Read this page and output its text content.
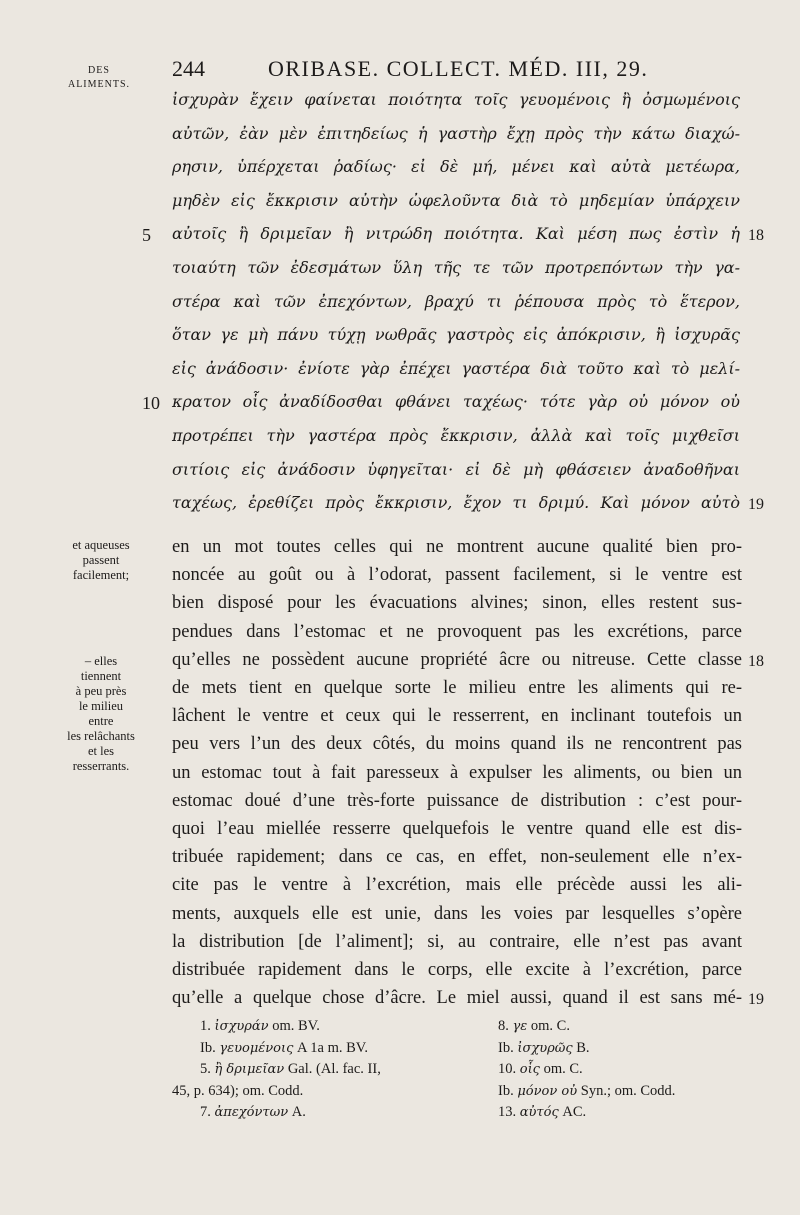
DES
ALIMENTS.
244	ORIBASE. COLLECT. MÉD. III, 29.
ἰσχυρὰν ἔχειν φαίνεται ποιότητα τοῖς γευομένοις ἢ ὀσμωμένοις
αὐτῶν, ἐὰν μὲν ἐπιτηδείως ἡ γαστὴρ ἔχῃ πρὸς τὴν κάτω διαχώ-
ρησιν, ὑπέρχεται ῥαδίως· εἰ δὲ μή, μένει καὶ αὐτὰ μετέωρα,
μηδὲν εἰς ἔκκρισιν αὐτὴν ὠφελοῦντα διὰ τὸ μηδεμίαν ὑπάρχειν
αὐτοῖς ἢ δριμεῖαν ἢ νιτρώδη ποιότητα. Καὶ μέση πως ἐστὶν ἡ
τοιαύτη τῶν ἐδεσμάτων ὕλη τῆς τε τῶν προτρεπόντων τὴν γα-
στέρα καὶ τῶν ἐπεχόντων, βραχύ τι ῥέπουσα πρὸς τὸ ἕτερον,
ὅταν γε μὴ πάνυ τύχῃ νωθρᾶς γαστρὸς εἰς ἀπόκρισιν, ἢ ἰσχυρᾶς
εἰς ἀνάδοσιν· ἐνίοτε γὰρ ἐπέχει γαστέρα διὰ τοῦτο καὶ τὸ μελί-
κρατον οἷς ἀναδίδοσθαι φθάνει ταχέως· τότε γὰρ οὐ μόνον οὐ
προτρέπει τὴν γαστέρα πρὸς ἔκκρισιν, ἀλλὰ καὶ τοῖς μιχθεῖσι
σιτίοις εἰς ἀνάδοσιν ὑφηγεῖται· εἰ δὲ μὴ φθάσειεν ἀναδοθῆναι
ταχέως, ἐρεθίζει πρὸς ἔκκρισιν, ἔχον τι δριμύ. Καὶ μόνον αὐτὸ
5
10
18
19
en un mot toutes celles qui ne montrent aucune qualité bien pro-
noncée au goût ou à l’odorat, passent facilement, si le ventre est
bien disposé pour les évacuations alvines; sinon, elles restent sus-
pendues dans l’estomac et ne provoquent pas les excrétions, parce
qu’elles ne possèdent aucune propriété âcre ou nitreuse. Cette classe
de mets tient en quelque sorte le milieu entre les aliments qui re-
lâchent le ventre et ceux qui le resserrent, en inclinant toutefois un
peu vers l’un des deux côtés, du moins quand ils ne rencontrent pas
un estomac tout à fait paresseux à expulser les aliments, ou bien un
estomac doué d’une très-forte puissance de distribution : c’est pour-
quoi l’eau miellée resserre quelquefois le ventre quand elle est dis-
tribuée rapidement; dans ce cas, en effet, non-seulement elle n’ex-
cite pas le ventre à l’excrétion, mais elle précède aussi les ali-
ments, auxquels elle est unie, dans les voies par lesquelles s’opère
la distribution [de l’aliment]; si, au contraire, elle n’est pas avant
distribuée rapidement dans le corps, elle excite à l’excrétion, parce
qu’elle a quelque chose d’âcre. Le miel aussi, quand il est sans mé-
18
19
et aqueuses
passent
facilement;
– elles
tiennent
à peu près
le milieu
entre
les relâchants
et les
resserrants.
1. ἰσχυράν om. BV.
Ib. γευομένοις A 1a m. BV.
5. ἢ δριμεῖαν Gal. (Al. fac. II,
45, p. 634); om. Codd.
7. ἀπεχόντων A.
8. γε om. C.
Ib. ἰσχυρῶς B.
10. οἷς om. C.
Ib. μόνον οὐ Syn.; om. Codd.
13. αὐτός AC.
